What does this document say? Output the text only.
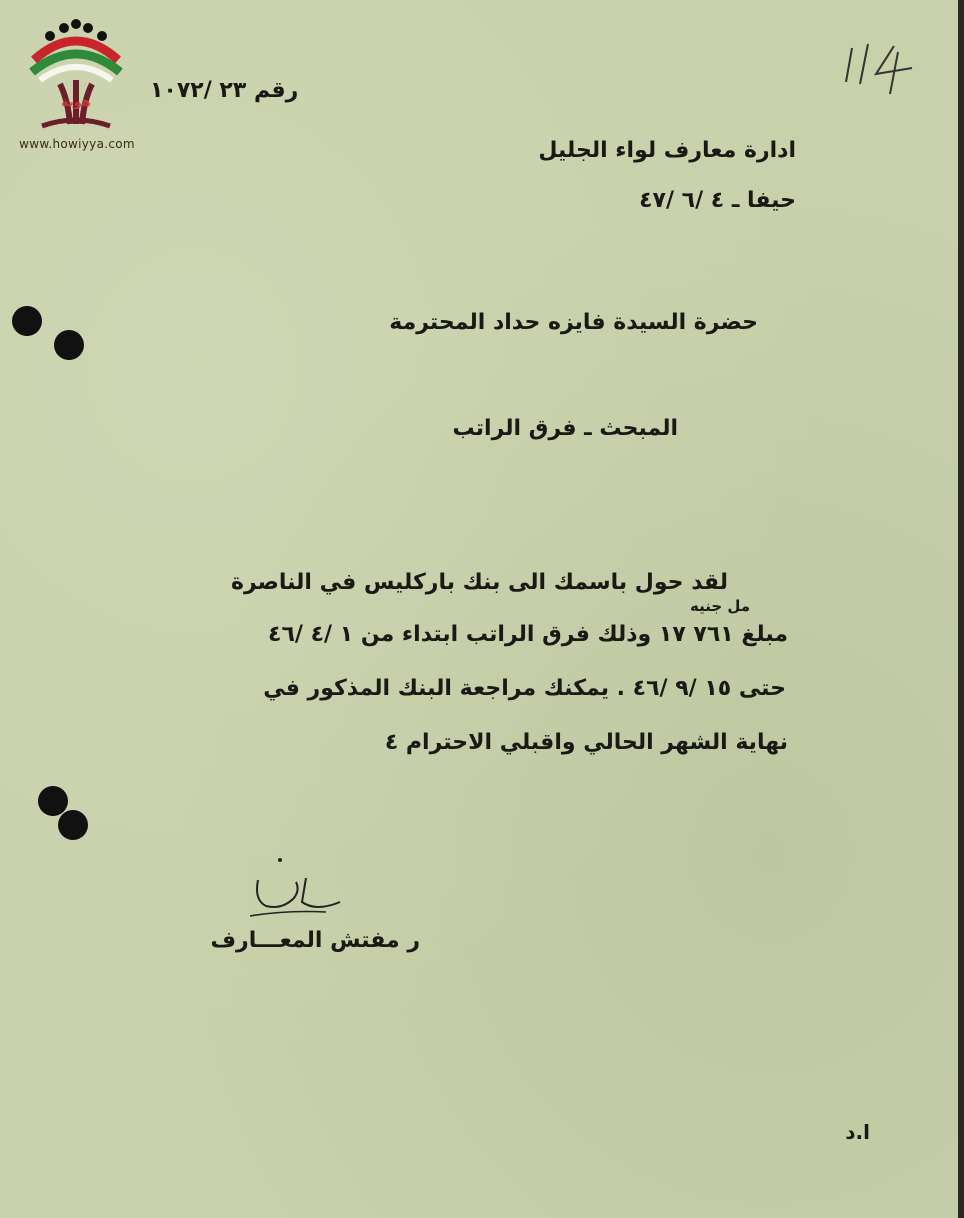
هوية
www.howiyya.com
رقم ٢٣ /١٠٧٢
ادارة معارف لواء الجليل
حيفا ـ ٤ /٦ /٤٧
حضرة السيدة فايزه حداد المحترمة
المبحث ـ فرق الراتب
مل جنيه
لقد حول باسمك الى بنك باركليس في الناصرة
مبلغ ٧٦١ ١٧ وذلك فرق الراتب ابتداء من ١ /٤ /٤٦
حتى ١٥ /٩ /٤٦ . يمكنك مراجعة البنك المذكور في
نهاية الشهر الحالي واقبلي الاحترام ٤
ر مفتش المعـــارف
ا.د
